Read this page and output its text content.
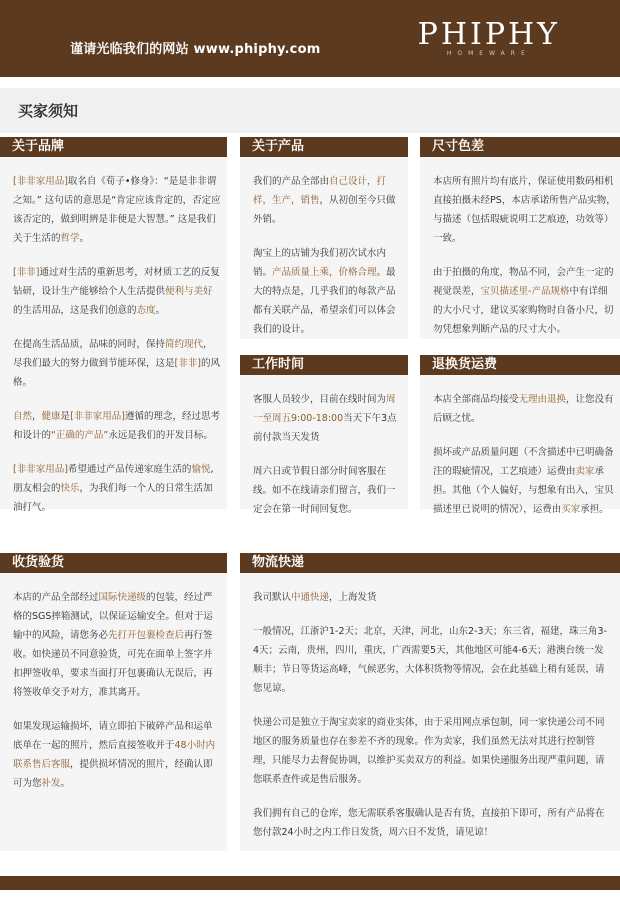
谨请光临我们的网站 www.phiphy.com	PHIPHY
HOMEWARE
买家须知
关于品牌

[非非家用品]取名自《荀子•修身》：“是是非非谓之知。” 这句话的意思是“肯定应该肯定的，否定应该否定的，做到明辨是非便是大智慧。” 这是我们关于生活的哲学。

[非非]通过对生活的重新思考，对材质工艺的反复钻研，设计生产能够给个人生活提供便利与美好的生活用品，这是我们创意的态度。

在提高生活品质，品味的同时，保持简约现代，尽我们最大的努力做到节能环保，这是[非非]的风格。

自然，健康是[非非家用品]遵循的理念，经过思考和设计的“正确的产品”永远是我们的开发目标。

[非非家用品]希望通过产品传递家庭生活的愉悦,朋友相会的快乐，为我们每一个人的日常生活加油打气。

关于产品

我们的产品全部由自己设计，打样，生产，销售，从初创至今只做外销。

淘宝上的店铺为我们初次试水内销。产品质量上乘，价格合理。最大的特点是，几乎我们的每款产品都有关联产品，希望亲们可以体会我们的设计。

尺寸色差

本店所有照片均有底片，保证使用数码相机直接拍摄未经PS，本店承诺所售产品实物，与描述（包括瑕疵说明工艺痕迹，功效等）一致。

由于拍摄的角度，物品不同，会产生一定的视觉误差，宝贝描述里-产品规格中有详细的大小尺寸，建议买家购物时自备小尺，切勿凭想象判断产品的尺寸大小。

工作时间

客服人员较少，目前在线时间为周一至周五9:00-18:00当天下午3点前付款当天发货

周六日或节假日部分时间客服在线。如不在线请亲们留言，我们一定会在第一时间回复您。

退换货运费

本店全部商品均接受无理由退换，让您没有后顾之忧。

损坏或产品质量问题（不含描述中已明确备注的瑕疵情况，工艺痕迹）运费由卖家承担。其他（个人偏好，与想象有出入，宝贝描述里已说明的情况），运费由买家承担。

收货验货

本店的产品全部经过国际快递级的包装，经过严格的SGS摔箱测试，以保证运输安全。但对于运输中的风险，请您务必先打开包裹检查后再行签收。如快递员不同意验货，可先在面单上签字并扣押签收单，要求当面打开包裹确认无误后，再将签收单交予对方，准其离开。

如果发现运输损坏，请立即拍下破碎产品和运单底单在一起的照片，然后直接签收并于48小时内联系售后客服，提供损坏情况的照片，经确认即可为您补发。

物流快递

我司默认中通快递，上海发货

一般情况，江浙沪1-2天；北京，天津，河北，山东2-3天；东三省，福建，珠三角3-4天；云南，贵州，四川，重庆，广西需要5天，其他地区可能4-6天；港澳台统一发顺丰；节日等货运高峰，气候恶劣，大体积货物等情况，会在此基础上稍有延误，请您见谅。

快递公司是独立于淘宝卖家的商业实体，由于采用网点承包制，同一家快递公司不同地区的服务质量也存在参差不齐的现象。作为卖家，我们虽然无法对其进行控制管理，只能尽力去督促协调，以维护买卖双方的利益。如果快递服务出现严重问题，请您联系查件或是售后服务。

我们拥有自己的仓库，您无需联系客服确认是否有货，直接拍下即可，所有产品将在您付款24小时之内工作日发货，周六日不发货，请见谅！
